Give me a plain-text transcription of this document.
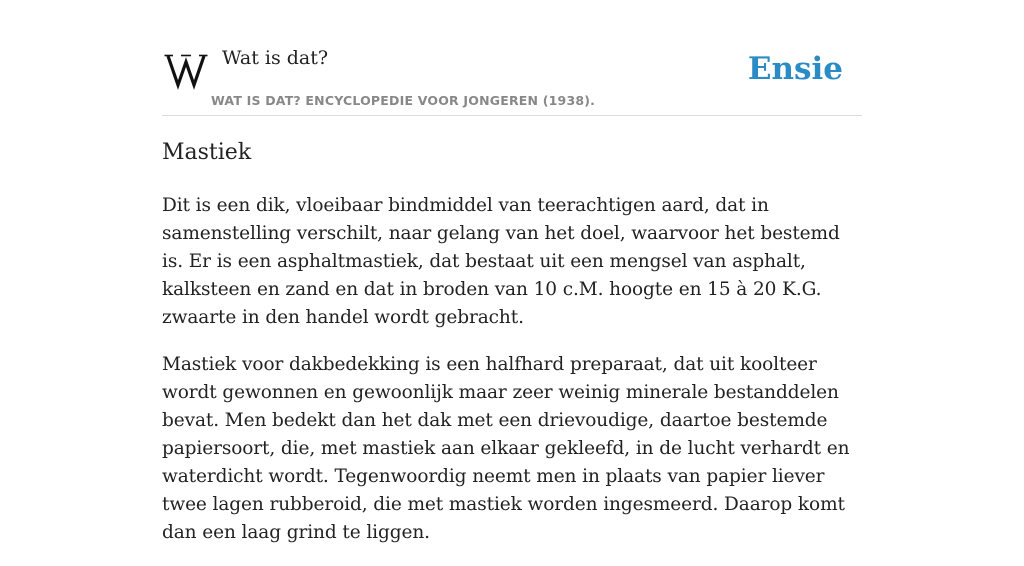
Wat is dat?
WAT IS DAT? ENCYCLOPEDIE VOOR JONGEREN (1938).
Ensie
Mastiek

Dit is een dik, vloeibaar bindmiddel van teerachtigen aard, dat in samenstelling verschilt, naar gelang van het doel, waarvoor het bestemd is. Er is een asphaltmastiek, dat bestaat uit een mengsel van asphalt, kalksteen en zand en dat in broden van 10 c.M. hoogte en 15 à 20 K.G. zwaarte in den handel wordt gebracht.

Mastiek voor dakbedekking is een halfhard preparaat, dat uit koolteer wordt gewonnen en gewoonlijk maar zeer weinig minerale bestanddelen bevat. Men bedekt dan het dak met een drievoudige, daartoe bestemde papiersoort, die, met mastiek aan elkaar gekleefd, in de lucht verhardt en waterdicht wordt. Tegenwoordig neemt men in plaats van papier liever twee lagen rubberoid, die met mastiek worden ingesmeerd. Daarop komt dan een laag grind te liggen.
